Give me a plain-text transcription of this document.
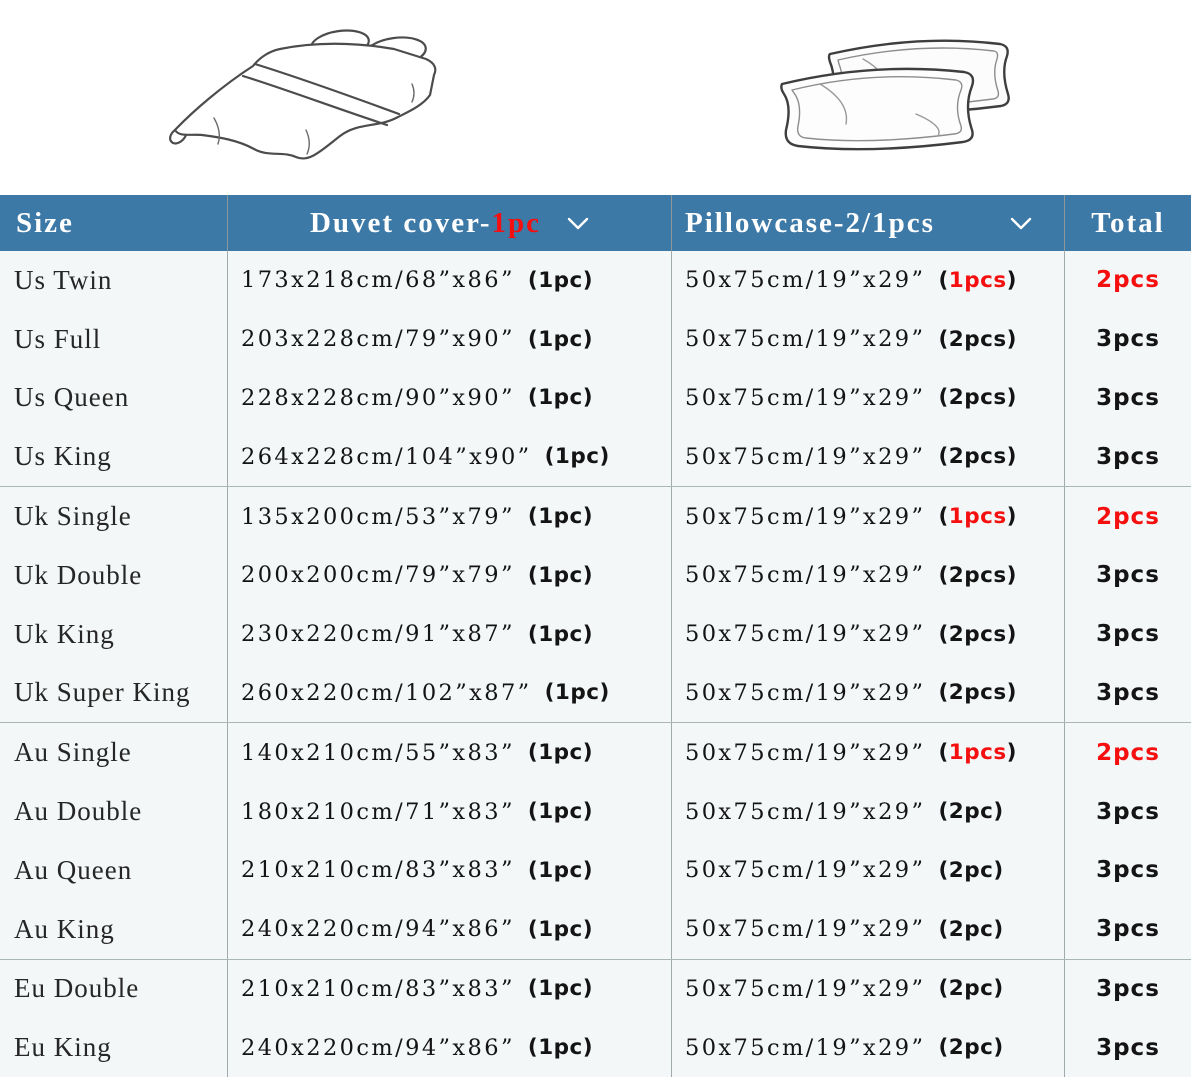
Size	Duvet cover-1pc	Pillowcase-2/1pcs	Total
Us Twin	173x218cm/68”x86” (1pc)	50x75cm/19”x29” (1pcs)	2pcs
Us Full	203x228cm/79”x90” (1pc)	50x75cm/19”x29” (2pcs)	3pcs
Us Queen	228x228cm/90”x90” (1pc)	50x75cm/19”x29” (2pcs)	3pcs
Us King	264x228cm/104”x90” (1pc)	50x75cm/19”x29” (2pcs)	3pcs
Uk Single	135x200cm/53”x79” (1pc)	50x75cm/19”x29” (1pcs)	2pcs
Uk Double	200x200cm/79”x79” (1pc)	50x75cm/19”x29” (2pcs)	3pcs
Uk King	230x220cm/91”x87” (1pc)	50x75cm/19”x29” (2pcs)	3pcs
Uk Super King	260x220cm/102”x87” (1pc)	50x75cm/19”x29” (2pcs)	3pcs
Au Single	140x210cm/55”x83” (1pc)	50x75cm/19”x29” (1pcs)	2pcs
Au Double	180x210cm/71”x83” (1pc)	50x75cm/19”x29” (2pc)	3pcs
Au Queen	210x210cm/83”x83” (1pc)	50x75cm/19”x29” (2pc)	3pcs
Au King	240x220cm/94”x86” (1pc)	50x75cm/19”x29” (2pc)	3pcs
Eu Double	210x210cm/83”x83” (1pc)	50x75cm/19”x29” (2pc)	3pcs
Eu King	240x220cm/94”x86” (1pc)	50x75cm/19”x29” (2pc)	3pcs
